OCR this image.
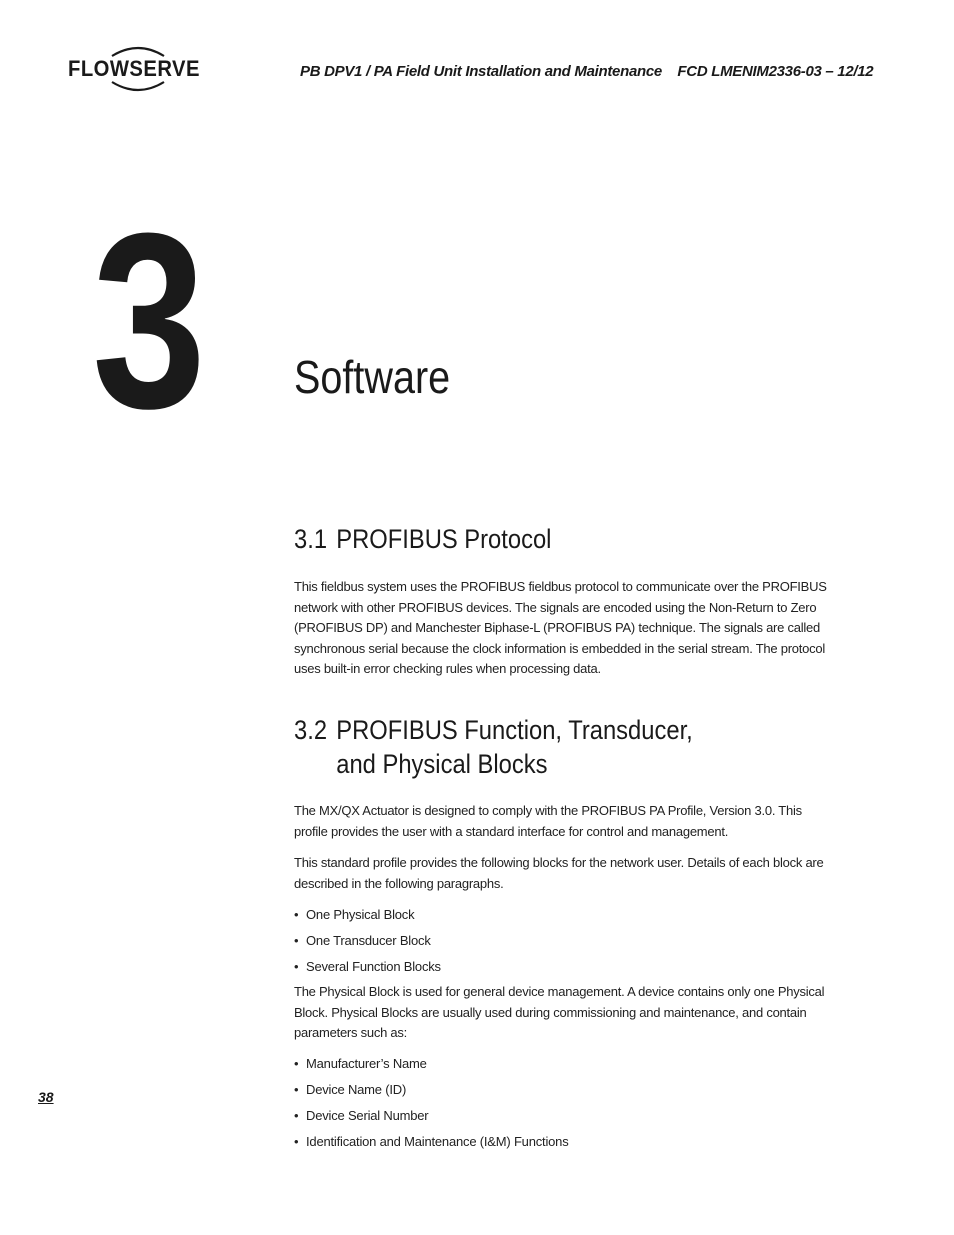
FLOWSERVE	PB DPV1 / PA Field Unit Installation and Maintenance    FCD LMENIM2336-03 – 12/12
3 Software
3.1 PROFIBUS Protocol
This fieldbus system uses the PROFIBUS fieldbus protocol to communicate over the PROFIBUS network with other PROFIBUS devices. The signals are encoded using the Non-Return to Zero (PROFIBUS DP) and Manchester Biphase-L (PROFIBUS PA) technique. The signals are called synchronous serial because the clock information is embedded in the serial stream. The protocol uses built-in error checking rules when processing data.
3.2 PROFIBUS Function, Transducer,
and Physical Blocks
The MX/QX Actuator is designed to comply with the PROFIBUS PA Profile, Version 3.0. This profile provides the user with a standard interface for control and management.
This standard profile provides the following blocks for the network user. Details of each block are described in the following paragraphs.
• One Physical Block
• One Transducer Block
• Several Function Blocks
The Physical Block is used for general device management. A device contains only one Physical Block. Physical Blocks are usually used during commissioning and maintenance, and contain parameters such as:
• Manufacturer’s Name
• Device Name (ID)
• Device Serial Number
• Identification and Maintenance (I&M) Functions
38
